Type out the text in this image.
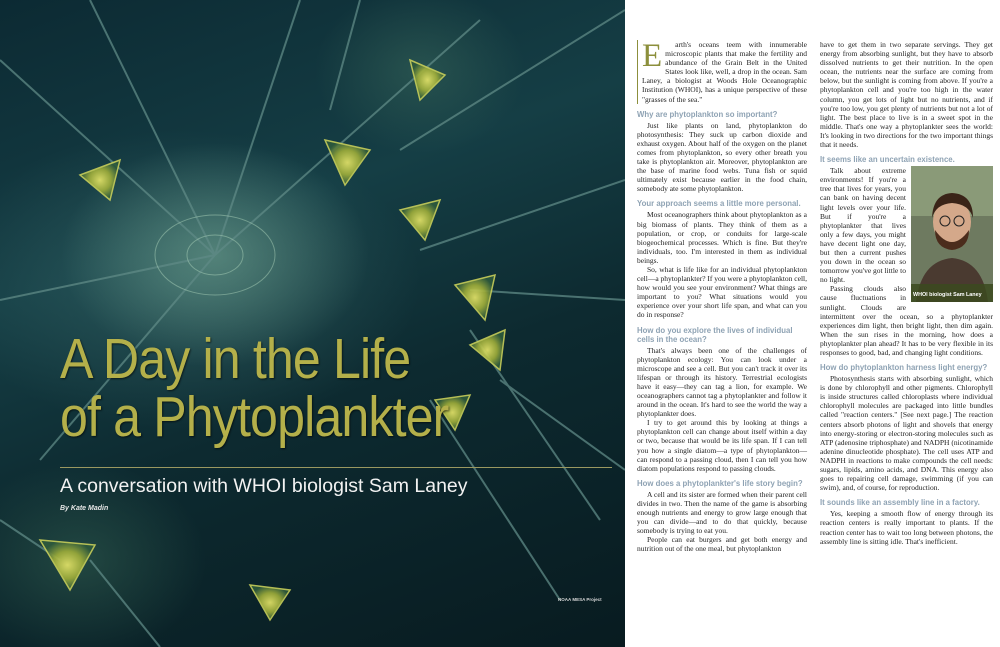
A Day in the Life
of a Phytoplankter
A conversation with WHOI biologist Sam Laney
By Kate Madin
NOAA MESA Project
E	arth's oceans teem with innumerable microscopic plants that make the fertility and abundance of the Grain Belt in the United States look like, well, a drop in the ocean. Sam Laney, a biologist at Woods Hole Oceanographic Institution (WHOI), has a unique perspective of these "grasses of the sea."

Why are phytoplankton so important?

Just like plants on land, phytoplankton do photosynthesis: They suck up carbon dioxide and exhaust oxygen. About half of the oxygen on the planet comes from phytoplankton, so every other breath you take is phytoplankton air. Moreover, phytoplankton are the base of marine food webs. Tuna fish or squid ultimately exist because earlier in the food chain, somebody ate some phytoplankton.

Your approach seems a little more personal.

Most oceanographers think about phytoplankton as a big biomass of plants. They think of them as a population, or crop, or conduits for large-scale biogeochemical processes. Which is fine. But they're individuals, too. I'm interested in them as individual beings.

So, what is life like for an individual phytoplankton cell—a phytoplankter? If you were a phytoplankton cell, how would you see your environment? What things are important to you? What situations would you experience over your short life span, and what can you do in response?

How do you explore the lives of individual cells in the ocean?

That's always been one of the challenges of phytoplankton ecology: You can look under a microscope and see a cell. But you can't track it over its lifespan or through its history. Terrestrial ecologists have it easy—they can tag a lion, for example. We oceanographers cannot tag a phytoplankter and follow it around in the ocean. It's hard to see the world the way a phytoplankter does.

I try to get around this by looking at things a phytoplankton cell can change about itself within a day or two, because that would be its life span. If I can tell you how a single diatom—a type of phytoplankton—can respond to a passing cloud, then I can tell you how diatom populations respond to passing clouds.

How does a phytoplankter's life story begin?

A cell and its sister are formed when their parent cell divides in two. Then the name of the game is absorbing enough nutrients and energy to grow large enough that you can divide—and to do that quickly, because somebody is trying to eat you.

People can eat burgers and get both energy and nutrition out of the one meal, but phytoplankton

have to get them in two separate servings. They get energy from absorbing sunlight, but they have to absorb dissolved nutrients to get their nutrition. In the open ocean, the nutrients near the surface are coming from below, but the sunlight is coming from above. If you're a phytoplankton cell and you're too high in the water column, you get lots of light but no nutrients, and if you're too low, you get plenty of nutrients but not a lot of light. The best place to live is in a sweet spot in the middle. That's one way a phytoplankter sees the world: It's looking in two directions for the two important things that it needs.

It seems like an uncertain existence.
WHOI biologist Sam Laney

Talk about extreme environments! If you're a tree that lives for years, you can bank on having decent light levels over your life. But if you're a phytoplankter that lives only a few days, you might have decent light one day, but then a current pushes you down in the ocean so tomorrow you've got little to no light.

Passing clouds also cause fluctuations in sunlight. Clouds are intermittent over the ocean, so a phytoplankter experiences dim light, then bright light, then dim again. When the sun rises in the morning, how does a phytoplankter plan ahead? It has to be very flexible in its responses to good, bad, and changing light conditions.

How do phytoplankton harness light energy?

Photosynthesis starts with absorbing sunlight, which is done by chlorophyll and other pigments. Chlorophyll is inside structures called chloroplasts where individual chlorophyll molecules are packaged into little bundles called "reaction centers." [See next page.] The reaction centers absorb photons of light and shovels that energy into energy-storing or electron-storing molecules such as ATP (adenosine triphosphate) and NADPH (nicotinamide adenine dinucleotide phosphate). The cell uses ATP and NADPH in reactions to make compounds the cell needs: sugars, lipids, amino acids, and DNA. This energy also goes to repairing cell damage, swimming (if you can swim), and, of course, for reproduction.

It sounds like an assembly line in a factory.

Yes, keeping a smooth flow of energy through its reaction centers is really important to plants. If the reaction center has to wait too long between photons, the assembly line is sitting idle. That's inefficient.
